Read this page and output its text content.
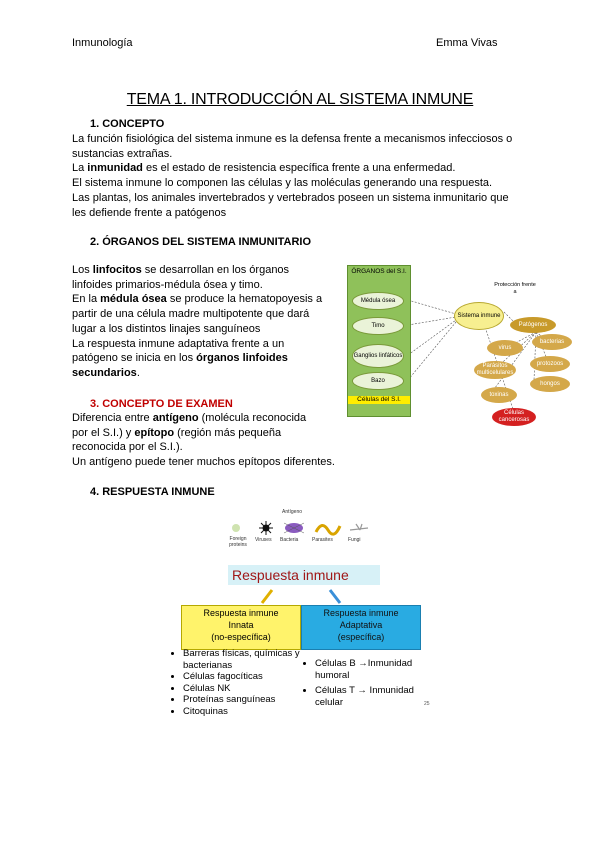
Inmunología	Emma Vivas
TEMA 1. INTRODUCCIÓN AL SISTEMA INMUNE
1. CONCEPTO
La función fisiológica del sistema inmune es la defensa frente a mecanismos infecciosos o
sustancias extrañas.
La inmunidad es el estado de resistencia específica frente a una enfermedad.
El sistema inmune lo componen las células y las moléculas generando una respuesta.
Las plantas, los animales invertebrados y vertebrados poseen un sistema inmunitario que
les defiende frente a patógenos
2. ÓRGANOS DEL SISTEMA INMUNITARIO
Los linfocitos se desarrollan en los órganos
linfoides primarios-médula ósea y timo.
En la médula ósea se produce la hematopoyesis a
partir de una célula madre multipotente que dará
lugar a los distintos linajes sanguíneos
La respuesta inmune adaptativa frente a un
patógeno se inicia en los órganos linfoides
secundarios.
ÓRGANOS del S.I.
Médula ósea
Timo
Ganglios linfáticos
Bazo
Células del S.I.
Sistema inmune
Protección frente a
Patógenos
virus
bacterias
Parásitos multicelulares
protozoos
hongos
toxinas
Células cancerosas
3. CONCEPTO DE EXAMEN
Diferencia entre antígeno (molécula reconocida
por el S.I.) y epítopo (región más pequeña
reconocida por el S.I.).
Un antígeno puede tener muchos epítopos diferentes.
4. RESPUESTA INMUNE
Antígeno
Foreign proteins
Viruses Bacteria	Parasites	Fungi
Respuesta inmune
Respuesta inmune
Innata
(no-específica)
Respuesta inmune
Adaptativa
(específica)
• Barreras físicas, químicas y bacterianas
• Células fagocíticas
• Células NK
• Proteínas sanguíneas
• Citoquinas
• Células B →Inmunidad humoral
• Células T → Inmunidad celular	25
